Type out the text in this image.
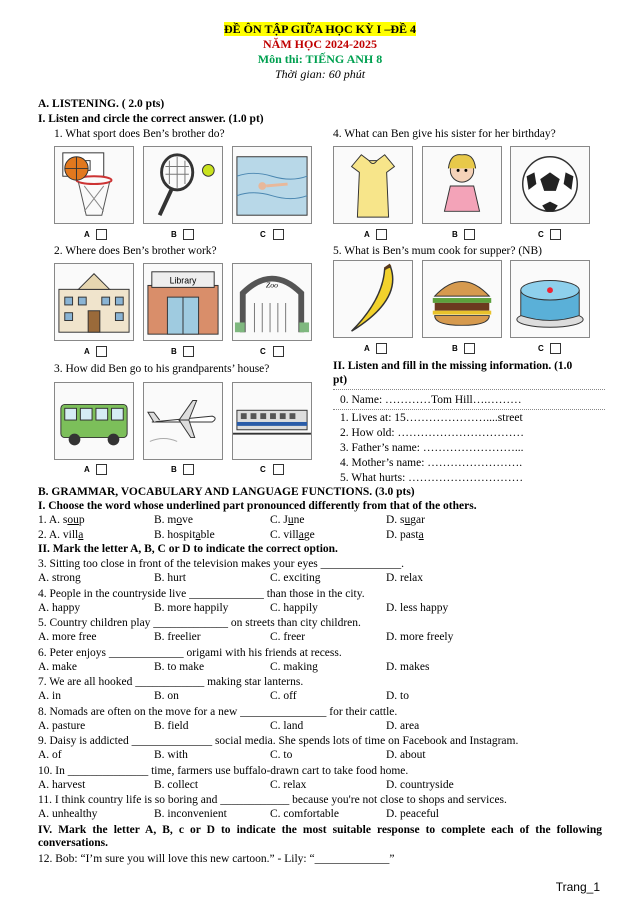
ĐỀ ÔN TẬP GIỮA HỌC KỲ I –ĐỀ 4
NĂM HỌC 2024-2025
Môn thi: TIẾNG ANH 8
Thời gian: 60 phút
A. LISTENING. ( 2.0 pts)
I. Listen and circle the correct answer. (1.0 pt)
1. What sport does Ben’s brother do?	4. What can Ben give his sister for her birthday?
A	B	C	A	B	C
2. Where does Ben’s brother work?	5. What is Ben’s mum cook for supper? (NB)
Library	Zoo
A	B	C	A	B	C
3. How did Ben go to his grandparents’ house?	II. Listen and fill in the missing information. (1.0
pt)
A	B	C
0. Name: …………Tom Hill….………
1. Lives at: 15…………………....street
2. How old: ……………………………
3. Father’s name: ……………………...
4. Mother’s name: …………………….
5. What hurts: …………………………
B. GRAMMAR, VOCABULARY AND LANGUAGE FUNCTIONS. (3.0 pts)
I. Choose the word whose underlined part pronounced differently from that of the others.
1. A. soup	B. move	C. June	D. sugar
2. A. villa	B. hospitable	C. village	D. pasta
II. Mark the letter A, B, C or D to indicate the correct option.
3. Sitting too close in front of the television makes your eyes ______________.
A. strong	B. hurt	C. exciting	D. relax
4. People in the countryside live _____________ than those in the city.
A. happy	B. more happily	C. happily	D. less happy
5. Country children play _____________ on streets than city children.
A. more free	B. freelier	C. freer	D. more freely
6. Peter enjoys _____________ origami with his friends at recess.
A. make	B. to make	C. making	D. makes
7. We are all hooked ____________ making star lanterns.
A. in	B. on	C. off	D. to
8. Nomads are often on the move for a new _______________ for their cattle.
A. pasture	B. field	C. land	D. area
9. Daisy is addicted ______________ social media. She spends lots of time on Facebook and Instagram.
A. of	B. with	C. to	D. about
10. In ______________ time, farmers use buffalo-drawn cart to take food home.
A. harvest	B. collect	C. relax	D. countryside
11. I think country life is so boring and ____________ because you're not close to shops and services.
A. unhealthy	B. inconvenient	C. comfortable	D. peaceful
IV. Mark the letter A, B, c or D to indicate the most suitable response to complete each of the following conversations.
12. Bob: “I’m sure you will love this new cartoon.” - Lily: “_____________”
Trang_1
